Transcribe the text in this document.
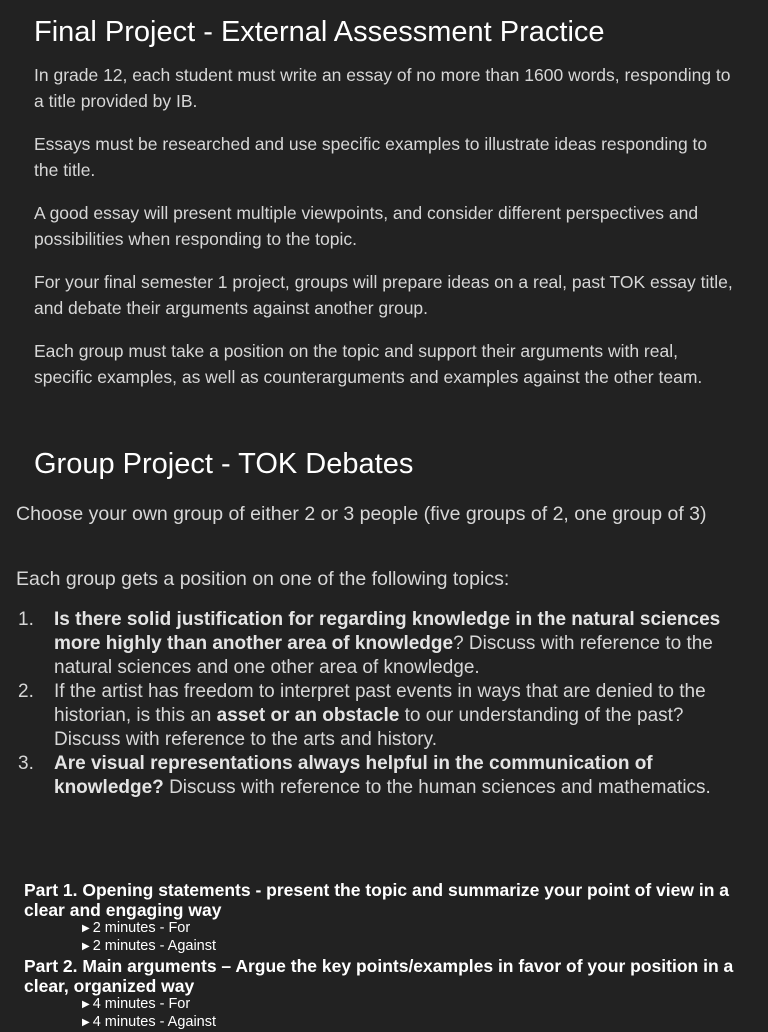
Final Project - External Assessment Practice

In grade 12, each student must write an essay of no more than 1600 words, responding to a title provided by IB.

Essays must be researched and use specific examples to illustrate ideas responding to the title.

A good essay will present multiple viewpoints, and consider different perspectives and possibilities when responding to the topic.

For your final semester 1 project, groups will prepare ideas on a real, past TOK essay title, and debate their arguments against another group.

Each group must take a position on the topic and support their arguments with real, specific examples, as well as counterarguments and examples against the other team.

Group Project - TOK Debates

Choose your own group of either 2 or 3 people (five groups of 2, one group of 3)

Each group gets a position on one of the following topics:

1. Is there solid justification for regarding knowledge in the natural sciences more highly than another area of knowledge? Discuss with reference to the natural sciences and one other area of knowledge.
2. If the artist has freedom to interpret past events in ways that are denied to the historian, is this an asset or an obstacle to our understanding of the past? Discuss with reference to the arts and history.
3. Are visual representations always helpful in the communication of knowledge? Discuss with reference to the human sciences and mathematics.

Part 1. Opening statements - present the topic and summarize your point of view in a clear and engaging way

▶ 2 minutes - For
▶ 2 minutes - Against

Part 2. Main arguments – Argue the key points/examples in favor of your position in a clear, organized way

▶ 4 minutes - For
▶ 4 minutes - Against
